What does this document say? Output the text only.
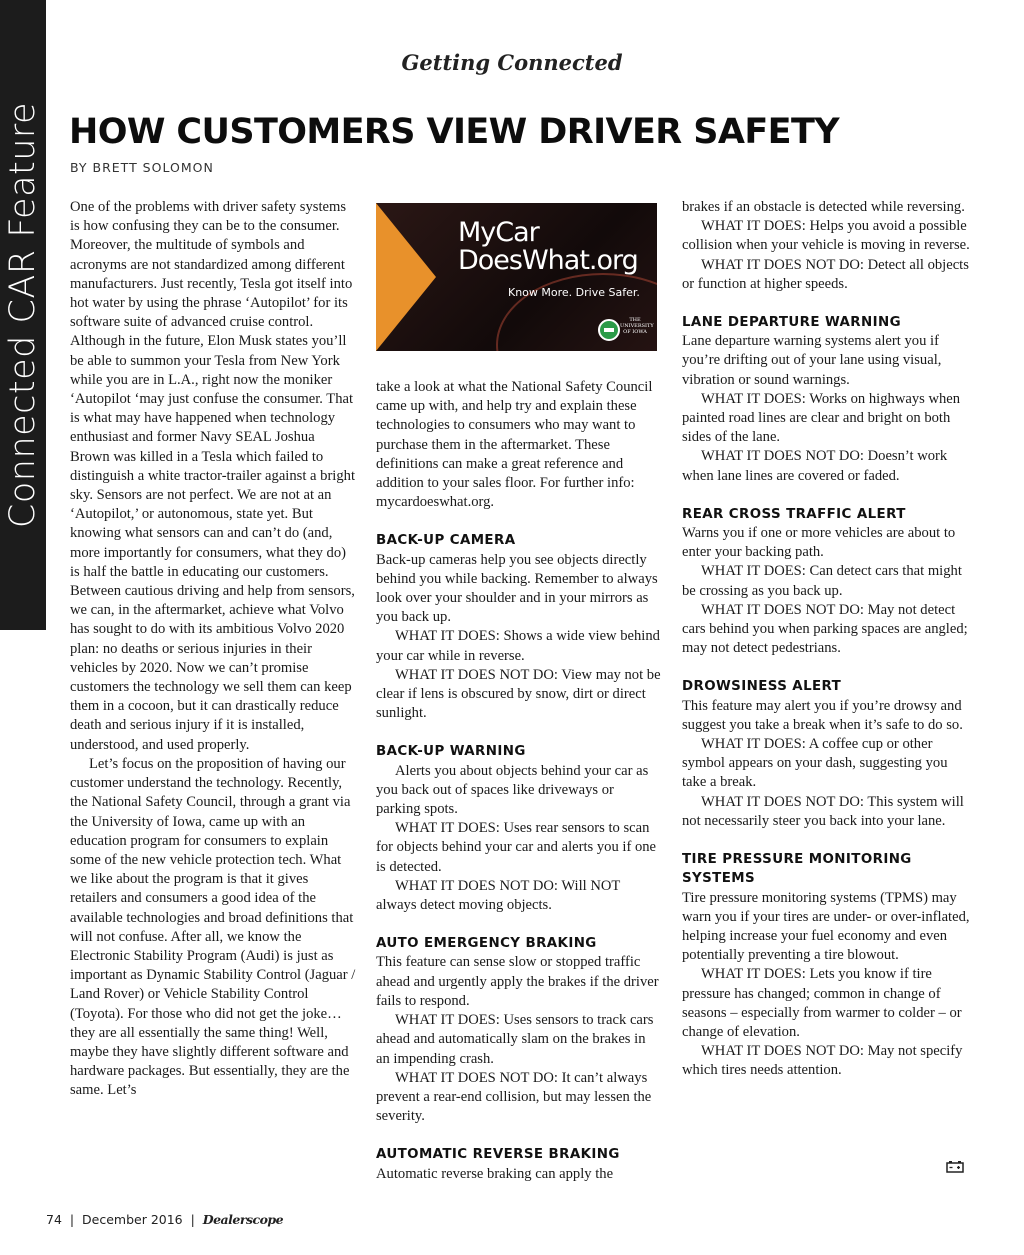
Connected CAR Feature
Getting Connected
HOW CUSTOMERS VIEW DRIVER SAFETY
BY BRETT SOLOMON

One of the problems with driver safety systems is how confusing they can be to the consumer. Moreover, the multitude of symbols and acronyms are not standardized among different manufacturers. Just recently, Tesla got itself into hot water by using the phrase ‘Autopilot’ for its software suite of advanced cruise control. Although in the future, Elon Musk states you’ll be able to summon your Tesla from New York while you are in L.A., right now the moniker ‘Autopilot ‘may just confuse the consumer. That is what may have happened when technology enthusiast and former Navy SEAL Joshua Brown was killed in a Tesla which failed to distinguish a white tractor-trailer against a bright sky. Sensors are not perfect. We are not at an ‘Autopilot,’ or autonomous, state yet. But knowing what sensors can and can’t do (and, more importantly for consumers, what they do) is half the battle in educating our customers. Between cautious driving and help from sensors, we can, in the aftermarket, achieve what Volvo has sought to do with its ambitious Volvo 2020 plan: no deaths or serious injuries in their vehicles by 2020. Now we can’t promise customers the technology we sell them can keep them in a cocoon, but it can drastically reduce death and serious injury if it is installed, understood, and used properly.

Let’s focus on the proposition of having our customer understand the technology. Recently, the National Safety Council, through a grant via the University of Iowa, came up with an education program for consumers to explain some of the new vehicle protection tech. What we like about the program is that it gives retailers and consumers a good idea of the available technologies and broad definitions that will not confuse. After all, we know the Electronic Stability Program (Audi) is just as important as Dynamic Stability Control (Jaguar / Land Rover) or Vehicle Stability Control (Toyota). For those who did not get the joke…they are all essentially the same thing! Well, maybe they have slightly different software and hardware packages. But essentially, they are the same. Let’s

MyCar
DoesWhat.org
Know More. Drive Safer.
THE UNIVERSITY OF IOWA

take a look at what the National Safety Council came up with, and help try and explain these technologies to consumers who may want to purchase them in the aftermarket. These definitions can make a great reference and addition to your sales floor. For further info: mycardoeswhat.org.

BACK-UP CAMERA

Back-up cameras help you see objects directly behind you while backing. Remember to always look over your shoulder and in your mirrors as you back up.

WHAT IT DOES: Shows a wide view behind your car while in reverse.

WHAT IT DOES NOT DO: View may not be clear if lens is obscured by snow, dirt or direct sunlight.

BACK-UP WARNING

Alerts you about objects behind your car as you back out of spaces like driveways or parking spots.

WHAT IT DOES: Uses rear sensors to scan for objects behind your car and alerts you if one is detected.

WHAT IT DOES NOT DO: Will NOT always detect moving objects.

AUTO EMERGENCY BRAKING

This feature can sense slow or stopped traffic ahead and urgently apply the brakes if the driver fails to respond.

WHAT IT DOES: Uses sensors to track cars ahead and automatically slam on the brakes in an impending crash.

WHAT IT DOES NOT DO: It can’t always prevent a rear-end collision, but may lessen the severity.

AUTOMATIC REVERSE BRAKING

Automatic reverse braking can apply the

brakes if an obstacle is detected while reversing.

WHAT IT DOES: Helps you avoid a possible collision when your vehicle is moving in reverse.

WHAT IT DOES NOT DO: Detect all objects or function at higher speeds.

LANE DEPARTURE WARNING

Lane departure warning systems alert you if you’re drifting out of your lane using visual, vibration or sound warnings.

WHAT IT DOES: Works on highways when painted road lines are clear and bright on both sides of the lane.

WHAT IT DOES NOT DO: Doesn’t work when lane lines are covered or faded.

REAR CROSS TRAFFIC ALERT

Warns you if one or more vehicles are about to enter your backing path.

WHAT IT DOES: Can detect cars that might be crossing as you back up.

WHAT IT DOES NOT DO: May not detect cars behind you when parking spaces are angled; may not detect pedestrians.

DROWSINESS ALERT

This feature may alert you if you’re drowsy and suggest you take a break when it’s safe to do so.

WHAT IT DOES: A coffee cup or other symbol appears on your dash, suggesting you take a break.

WHAT IT DOES NOT DO: This system will not necessarily steer you back into your lane.

TIRE PRESSURE MONITORING SYSTEMS

Tire pressure monitoring systems (TPMS) may warn you if your tires are under- or over-inflated, helping increase your fuel economy and even potentially preventing a tire blowout.

WHAT IT DOES: Lets you know if tire pressure has changed; common in change of seasons – especially from warmer to colder – or change of elevation.

WHAT IT DOES NOT DO: May not specify which tires needs attention.

74 | December 2016 | Dealerscope
